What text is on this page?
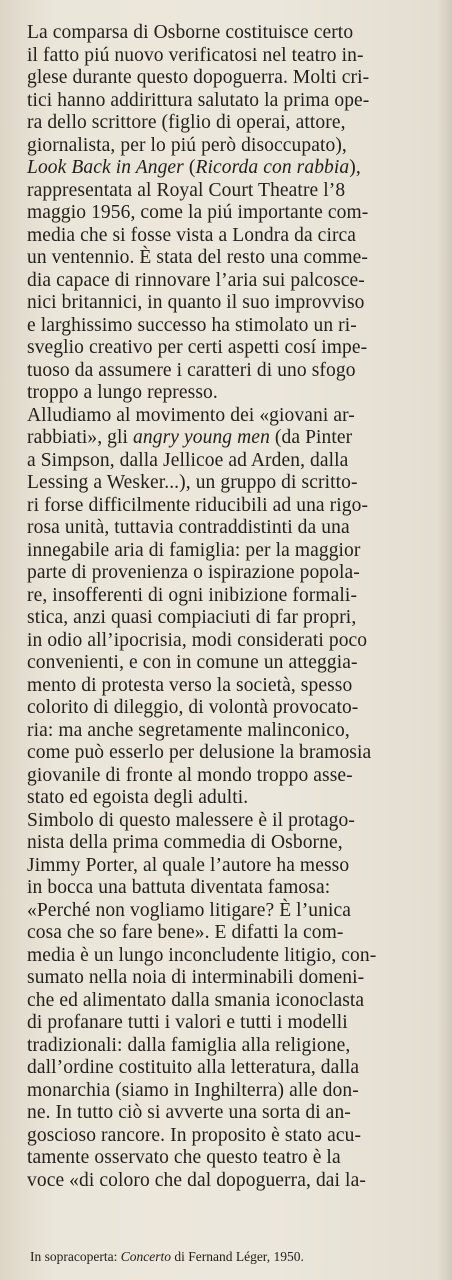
La comparsa di Osborne costituisce certo
il fatto piú nuovo verificatosi nel teatro in-
glese durante questo dopoguerra. Molti cri-
tici hanno addirittura salutato la prima ope-
ra dello scrittore (figlio di operai, attore,
giornalista, per lo piú però disoccupato),
Look Back in Anger (Ricorda con rabbia),
rappresentata al Royal Court Theatre l’8
maggio 1956, come la piú importante com-
media che si fosse vista a Londra da circa
un ventennio. È stata del resto una comme-
dia capace di rinnovare l’aria sui palcosce-
nici britannici, in quanto il suo improvviso
e larghissimo successo ha stimolato un ri-
sveglio creativo per certi aspetti cosí impe-
tuoso da assumere i caratteri di uno sfogo
troppo a lungo represso.
Alludiamo al movimento dei «giovani ar-
rabbiati», gli angry young men (da Pinter
a Simpson, dalla Jellicoe ad Arden, dalla
Lessing a Wesker...), un gruppo di scritto-
ri forse difficilmente riducibili ad una rigo-
rosa unità, tuttavia contraddistinti da una
innegabile aria di famiglia: per la maggior
parte di provenienza o ispirazione popola-
re, insofferenti di ogni inibizione formali-
stica, anzi quasi compiaciuti di far propri,
in odio all’ipocrisia, modi considerati poco
convenienti, e con in comune un atteggia-
mento di protesta verso la società, spesso
colorito di dileggio, di volontà provocato-
ria: ma anche segretamente malinconico,
come può esserlo per delusione la bramosia
giovanile di fronte al mondo troppo asse-
stato ed egoista degli adulti.
Simbolo di questo malessere è il protago-
nista della prima commedia di Osborne,
Jimmy Porter, al quale l’autore ha messo
in bocca una battuta diventata famosa:
«Perché non vogliamo litigare? È l’unica
cosa che so fare bene». E difatti la com-
media è un lungo inconcludente litigio, con-
sumato nella noia di interminabili domeni-
che ed alimentato dalla smania iconoclasta
di profanare tutti i valori e tutti i modelli
tradizionali: dalla famiglia alla religione,
dall’ordine costituito alla letteratura, dalla
monarchia (siamo in Inghilterra) alle don-
ne. In tutto ciò si avverte una sorta di an-
goscioso rancore. In proposito è stato acu-
tamente osservato che questo teatro è la
voce «di coloro che dal dopoguerra, dai la-
In sopracoperta: Concerto di Fernand Léger, 1950.
